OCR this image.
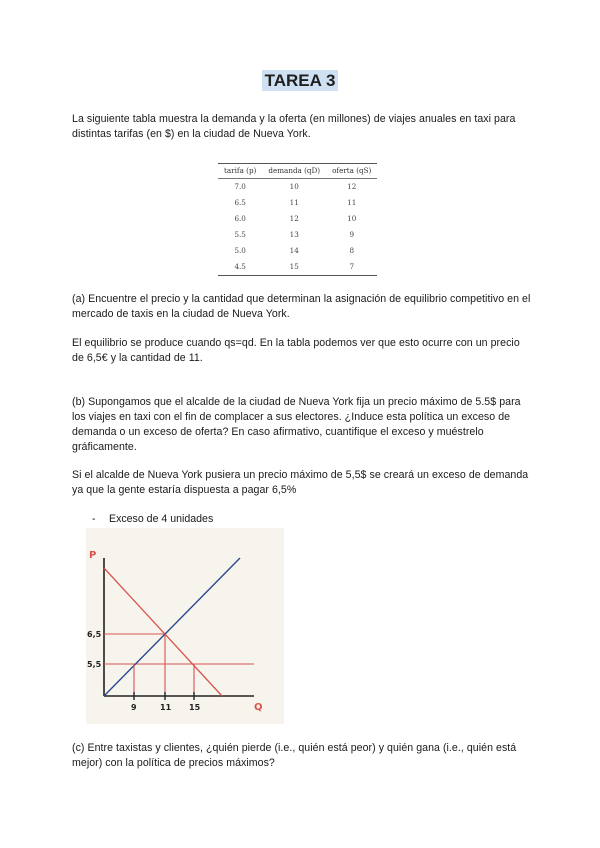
TAREA 3
La siguiente tabla muestra la demanda y la oferta (en millones) de viajes anuales en taxi para distintas tarifas (en $) en la ciudad de Nueva York.
tarifa (p)	demanda (qD)	oferta (qS)
7.0	10	12
6.5	11	11
6.0	12	10
5.5	13	9
5.0	14	8
4.5	15	7
(a) Encuentre el precio y la cantidad que determinan la asignación de equilibrio competitivo en el mercado de taxis en la ciudad de Nueva York.
El equilibrio se produce cuando qs=qd. En la tabla podemos ver que esto ocurre con un precio de 6,5€ y la cantidad de 11.
(b) Supongamos que el alcalde de la ciudad de Nueva York fija un precio máximo de 5.5$ para los viajes en taxi con el fin de complacer a sus electores. ¿Induce esta política un exceso de demanda o un exceso de oferta? En caso afirmativo, cuantifique el exceso y muéstrelo gráficamente.
Si el alcalde de Nueva York pusiera un precio máximo de 5,5$ se creará un exceso de demanda ya que la gente estaría dispuesta a pagar 6,5%
- Exceso de 4 unidades
P
Q
6,5
5,5
9	11 15
(c) Entre taxistas y clientes, ¿quién pierde (i.e., quién está peor) y quién gana (i.e., quién está mejor) con la política de precios máximos?
